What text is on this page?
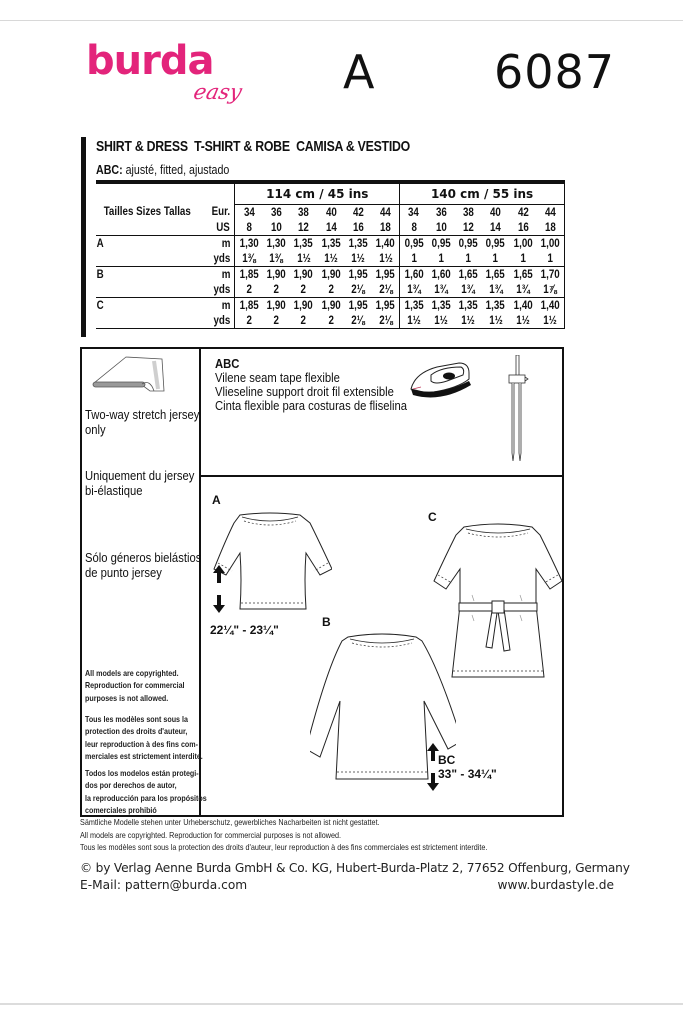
burda
easy A	6087
SHIRT & DRESS  T-SHIRT & ROBE  CAMISA & VESTIDO
ABC: ajusté, fitted, ajustado
		114 cm / 45 ins						140 cm / 55 ins					
Tailles Sizes Tallas	Eur.	34	36	38	40	42	44	34	36	38	40	42	44
	US	8	10	12	14	16	18	8	10	12	14	16	18
A	m	1,30	1,30	1,35	1,35	1,35	1,40	0,95	0,95	0,95	0,95	1,00	1,00
	yds	1⅜	1⅜	1½	1½	1½	1½	1	1	1	1	1	1
B	m	1,85	1,90	1,90	1,90	1,95	1,95	1,60	1,60	1,65	1,65	1,65	1,70
	yds	2	2	2	2	2⅛	2⅛	1¾	1¾	1¾	1¾	1¾	1⅞
C	m	1,85	1,90	1,90	1,90	1,95	1,95	1,35	1,35	1,35	1,35	1,40	1,40
	yds	2	2	2	2	2⅛	2⅛	1½	1½	1½	1½	1½	1½
Two-way stretch jersey
only
Uniquement du jersey
bi-élastique
Sólo géneros bielástios
de punto jersey
All models are copyrighted.
Reproduction for commercial
purposes is not allowed.
Tous les modèles sont sous la
protection des droits d'auteur,
leur reproduction à des fins com-
merciales est strictement interdite.
Todos los modelos están protegi-
dos por derechos de autor,
la reproducción para los propósitos
comerciales prohibió
ABC
Vilene seam tape flexible
Vlieseline support droit fil extensible
Cinta flexible para costuras de fliselina
A
22¼" - 23¼"
B
BC
33" - 34¼"
C
Sämtliche Modelle stehen unter Urheberschutz, gewerbliches Nacharbeiten ist nicht gestattet.
All models are copyrighted. Reproduction for commercial purposes is not allowed.
Tous les modèles sont sous la protection des droits d'auteur, leur reproduction à des fins commerciales est strictement interdite.
© by Verlag Aenne Burda GmbH & Co. KG, Hubert-Burda-Platz 2, 77652 Offenburg, Germany
E-Mail: pattern@burda.com	www.burdastyle.de
